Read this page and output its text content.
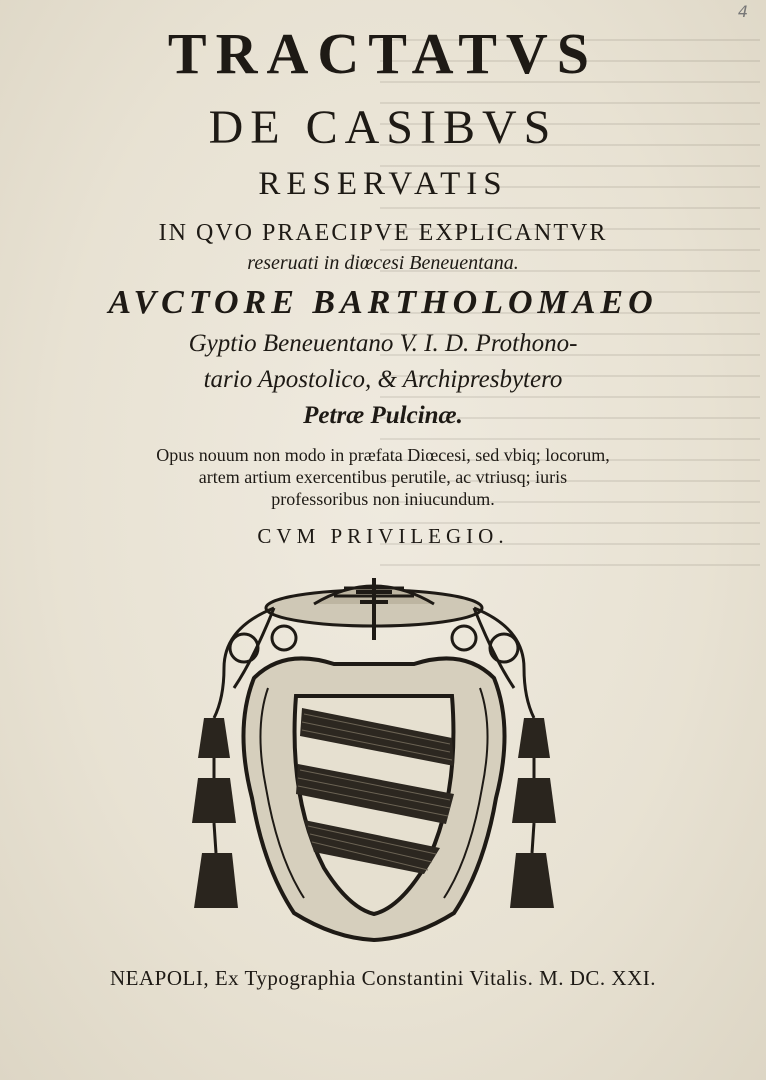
4
TRACTATVS
DE CASIBVS
RESERVATIS
IN QVO PRAECIPVE EXPLICANTVR
reseruati in diœcesi Beneuentana.
AVCTORE BARTHOLOMAEO
Gyptio Beneuentano V. I. D. Prothono-
tario Apostolico, & Archipresbytero
Petræ Pulcinæ.
Opus nouum non modo in præfata Diœcesi, sed vbiq; locorum,
artem artium exercentibus perutile, ac vtriusq; iuris
professoribus non iniucundum.
CVM PRIVILEGIO.
NEAPOLI, Ex Typographia Constantini Vitalis. M. DC. XXI.
